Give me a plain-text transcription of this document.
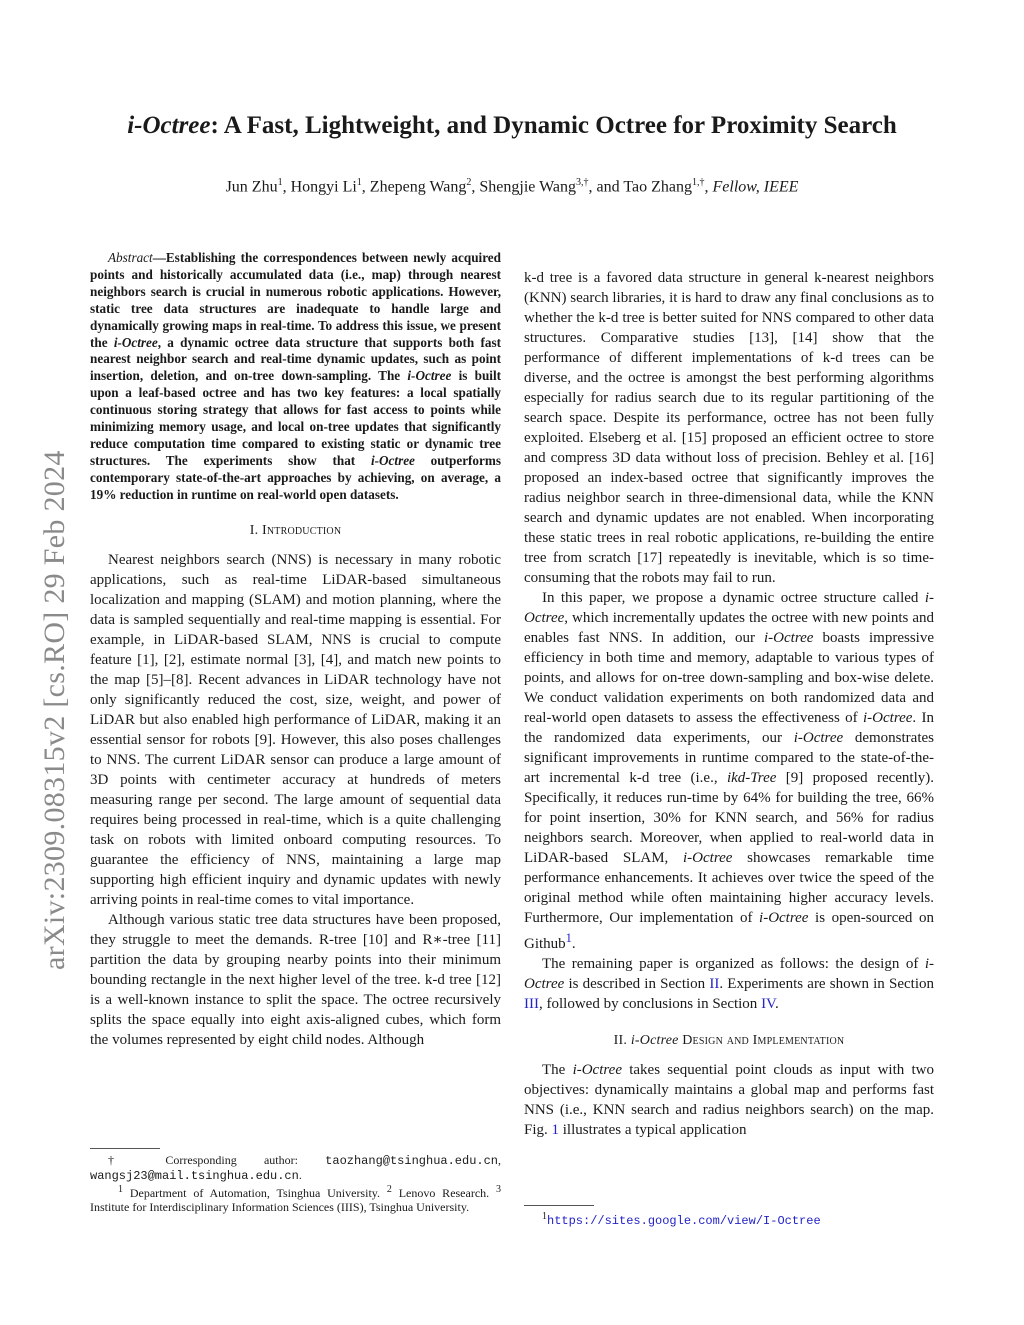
arXiv:2309.08315v2 [cs.RO] 29 Feb 2024
i-Octree: A Fast, Lightweight, and Dynamic Octree for Proximity Search
Jun Zhu$^1$, Hongyi Li$^1$, Zhepeng Wang$^2$, Shengjie Wang$^{3,\dagger}$, and Tao Zhang$^{1,\dagger}$, Fellow, IEEE

Abstract—Establishing the correspondences between newly acquired points and historically accumulated data (i.e., map) through nearest neighbors search is crucial in numerous robotic applications. However, static tree data structures are inadequate to handle large and dynamically growing maps in real-time. To address this issue, we present the i-Octree, a dynamic octree data structure that supports both fast nearest neighbor search and real-time dynamic updates, such as point insertion, deletion, and on-tree down-sampling. The i-Octree is built upon a leaf-based octree and has two key features: a local spatially continuous storing strategy that allows for fast access to points while minimizing memory usage, and local on-tree updates that significantly reduce computation time compared to existing static or dynamic tree structures. The experiments show that i-Octree outperforms contemporary state-of-the-art approaches by achieving, on average, a 19% reduction in runtime on real-world open datasets.

I. Introduction

Nearest neighbors search (NNS) is necessary in many robotic applications, such as real-time LiDAR-based simultaneous localization and mapping (SLAM) and motion planning, where the data is sampled sequentially and real-time mapping is essential. For example, in LiDAR-based SLAM, NNS is crucial to compute feature [1], [2], estimate normal [3], [4], and match new points to the map [5]–[8]. Recent advances in LiDAR technology have not only significantly reduced the cost, size, weight, and power of LiDAR but also enabled high performance of LiDAR, making it an essential sensor for robots [9]. However, this also poses challenges to NNS. The current LiDAR sensor can produce a large amount of 3D points with centimeter accuracy at hundreds of meters measuring range per second. The large amount of sequential data requires being processed in real-time, which is a quite challenging task on robots with limited onboard computing resources. To guarantee the efficiency of NNS, maintaining a large map supporting high efficient inquiry and dynamic updates with newly arriving points in real-time comes to vital importance.

Although various static tree data structures have been proposed, they struggle to meet the demands. R-tree [10] and R∗-tree [11] partition the data by grouping nearby points into their minimum bounding rectangle in the next higher level of the tree. k-d tree [12] is a well-known instance to split the space. The octree recursively splits the space equally into eight axis-aligned cubes, which form the volumes represented by eight child nodes. Although

k-d tree is a favored data structure in general k-nearest neighbors (KNN) search libraries, it is hard to draw any final conclusions as to whether the k-d tree is better suited for NNS compared to other data structures. Comparative studies [13], [14] show that the performance of different implementations of k-d trees can be diverse, and the octree is amongst the best performing algorithms especially for radius search due to its regular partitioning of the search space. Despite its performance, octree has not been fully exploited. Elseberg et al. [15] proposed an efficient octree to store and compress 3D data without loss of precision. Behley et al. [16] proposed an index-based octree that significantly improves the radius neighbor search in three-dimensional data, while the KNN search and dynamic updates are not enabled. When incorporating these static trees in real robotic applications, re-building the entire tree from scratch [17] repeatedly is inevitable, which is so time-consuming that the robots may fail to run.

In this paper, we propose a dynamic octree structure called i-Octree, which incrementally updates the octree with new points and enables fast NNS. In addition, our i-Octree boasts impressive efficiency in both time and memory, adaptable to various types of points, and allows for on-tree down-sampling and box-wise delete. We conduct validation experiments on both randomized data and real-world open datasets to assess the effectiveness of i-Octree. In the randomized data experiments, our i-Octree demonstrates significant improvements in runtime compared to the state-of-the-art incremental k-d tree (i.e., ikd-Tree [9] proposed recently). Specifically, it reduces run-time by 64% for building the tree, 66% for point insertion, 30% for KNN search, and 56% for radius neighbors search. Moreover, when applied to real-world data in LiDAR-based SLAM, i-Octree showcases remarkable time performance enhancements. It achieves over twice the speed of the original method while often maintaining higher accuracy levels. Furthermore, Our implementation of i-Octree is open-sourced on Github$^1$.

The remaining paper is organized as follows: the design of i-Octree is described in Section II. Experiments are shown in Section III, followed by conclusions in Section IV.

II. i-Octree Design and Implementation

The i-Octree takes sequential point clouds as input with two objectives: dynamically maintains a global map and performs fast NNS (i.e., KNN search and radius neighbors search) on the map. Fig. 1 illustrates a typical application

† Corresponding author: taozhang@tsinghua.edu.cn, wangsj23@mail.tsinghua.edu.cn.
$^1$ Department of Automation, Tsinghua University. $^2$ Lenovo Research. $^3$ Institute for Interdisciplinary Information Sciences (IIIS), Tsinghua University.
$^1$https://sites.google.com/view/I-Octree
